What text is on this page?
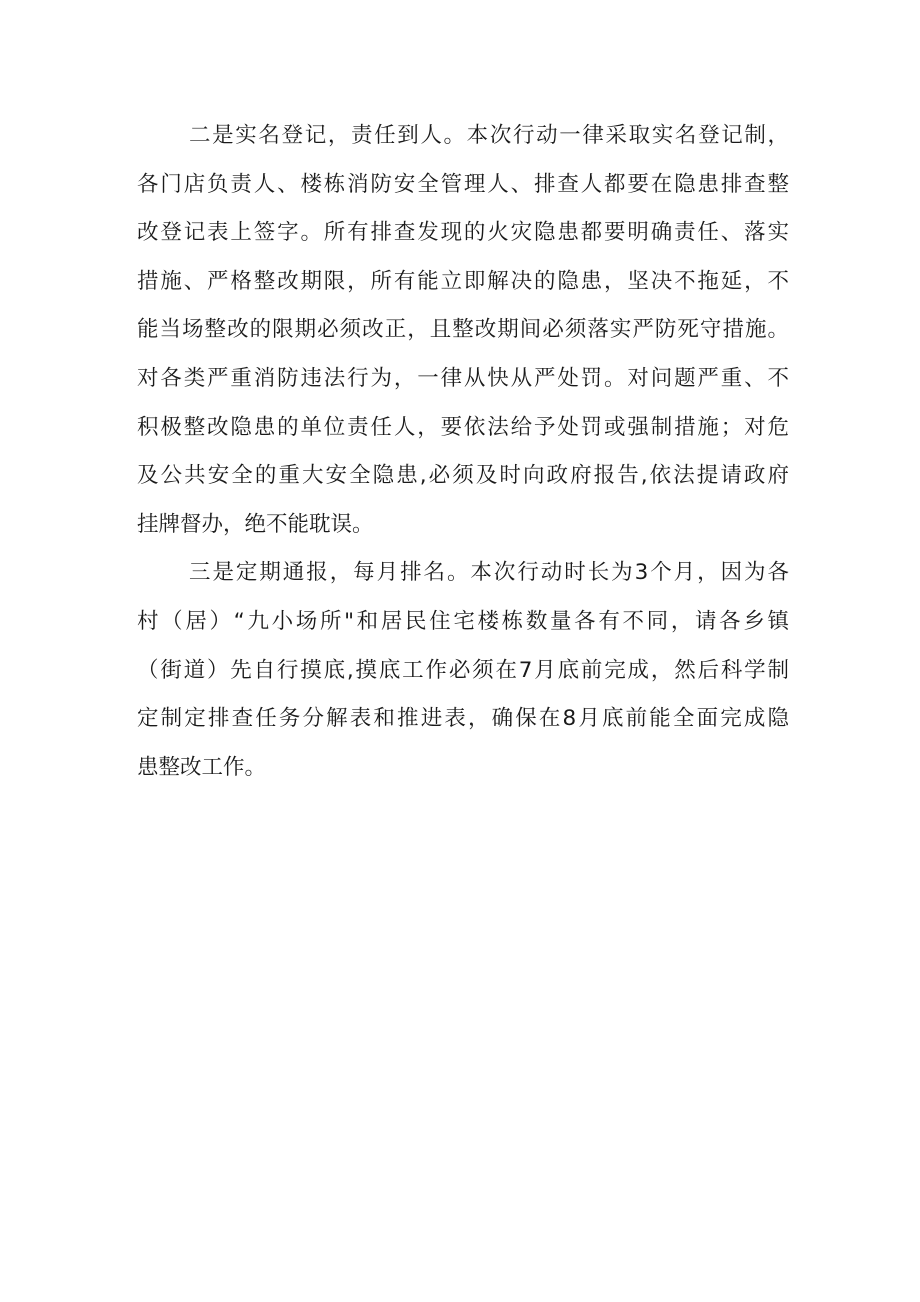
二是实名登记，责任到人。本次行动一律采取实名登记制，
各门店负责人、楼栋消防安全管理人、排查人都要在隐患排查整
改登记表上签字。所有排查发现的火灾隐患都要明确责任、落实
措施、严格整改期限，所有能立即解决的隐患，坚决不拖延，不
能当场整改的限期必须改正，且整改期间必须落实严防死守措施。
对各类严重消防违法行为，一律从快从严处罚。对问题严重、不
积极整改隐患的单位责任人，要依法给予处罚或强制措施；对危
及公共安全的重大安全隐患,必须及时向政府报告,依法提请政府
挂牌督办，绝不能耽误。
三是定期通报，每月排名。本次行动时长为3个月，因为各
村（居）“九小场所"和居民住宅楼栋数量各有不同，请各乡镇
（街道）先自行摸底,摸底工作必须在7月底前完成，然后科学制
定制定排查任务分解表和推进表，确保在8月底前能全面完成隐
患整改工作。
